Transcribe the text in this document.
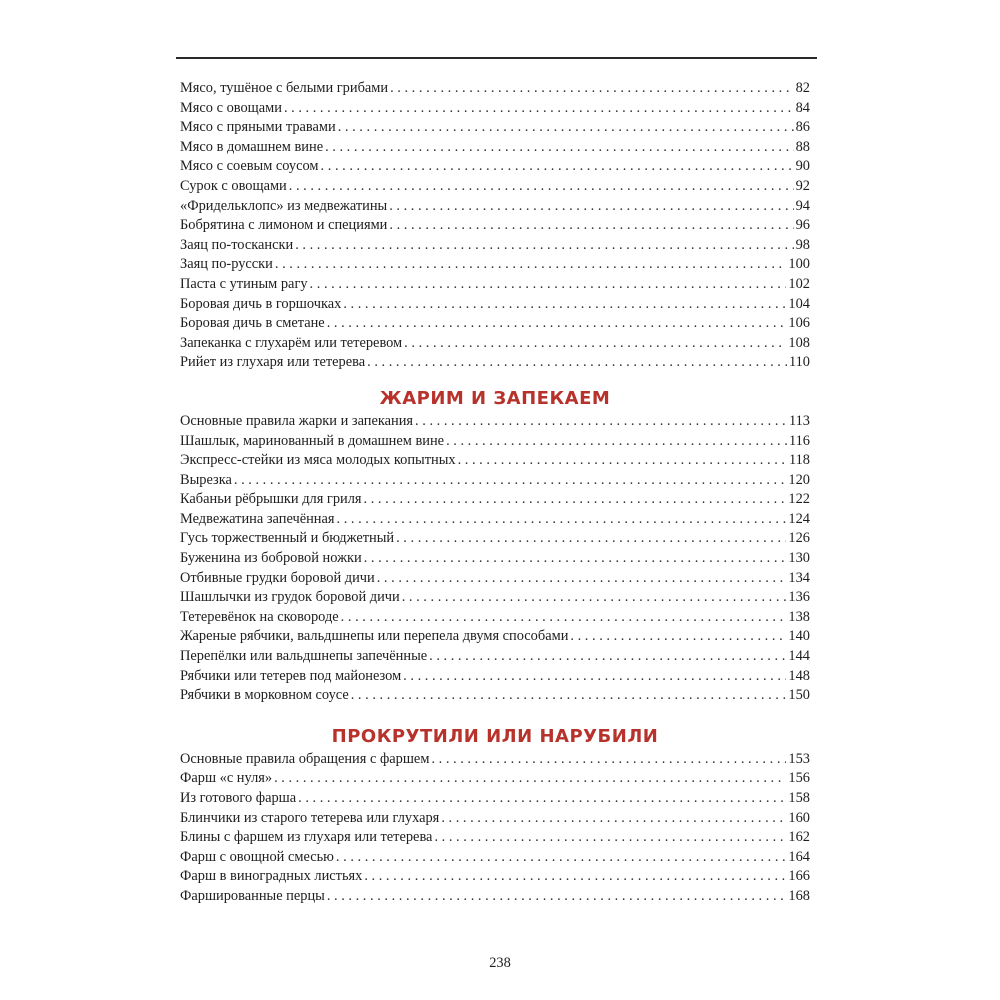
Мясо, тушёное с белыми грибами . . .	82
Мясо с овощами . . .	84
Мясо с пряными травами . . .	86
Мясо в домашнем вине . . .	88
Мясо с соевым соусом . . .	90
Сурок с овощами . . .	92
«Фридельклопс» из медвежатины . . .	94
Бобрятина с лимоном и специями . . .	96
Заяц по-тоскански . . .	98
Заяц по-русски . . .	100
Паста с утиным рагу . . .	102
Боровая дичь в горшочках . . .	104
Боровая дичь в сметане . . .	106
Запеканка с глухарём или тетеревом . . .	108
Рийет из глухаря или тетерева . . .	110
ЖАРИМ И ЗАПЕКАЕМ
Основные правила жарки и запекания . . .	113
Шашлык, маринованный в домашнем вине . . .	116
Экспресс-стейки из мяса молодых копытных . . .	118
Вырезка . . .	120
Кабаньи рёбрышки для гриля . . .	122
Медвежатина запечённая . . .	124
Гусь торжественный и бюджетный . . .	126
Буженина из бобровой ножки . . .	130
Отбивные грудки боровой дичи . . .	134
Шашлычки из грудок боровой дичи . . .	136
Тетеревёнок на сковороде . . .	138
Жареные рябчики, вальдшнепы или перепела двумя способами . . .	140
Перепёлки или вальдшнепы запечённые . . .	144
Рябчики или тетерев под майонезом . . .	148
Рябчики в морковном соусе . . .	150
ПРОКРУТИЛИ ИЛИ НАРУБИЛИ
Основные правила обращения с фаршем . . .	153
Фарш «с нуля» . . .	156
Из готового фарша . . .	158
Блинчики из старого тетерева или глухаря . . .	160
Блины с фаршем из глухаря или тетерева . . .	162
Фарш с овощной смесью . . .	164
Фарш в виноградных листьях . . .	166
Фаршированные перцы . . .	168
238
